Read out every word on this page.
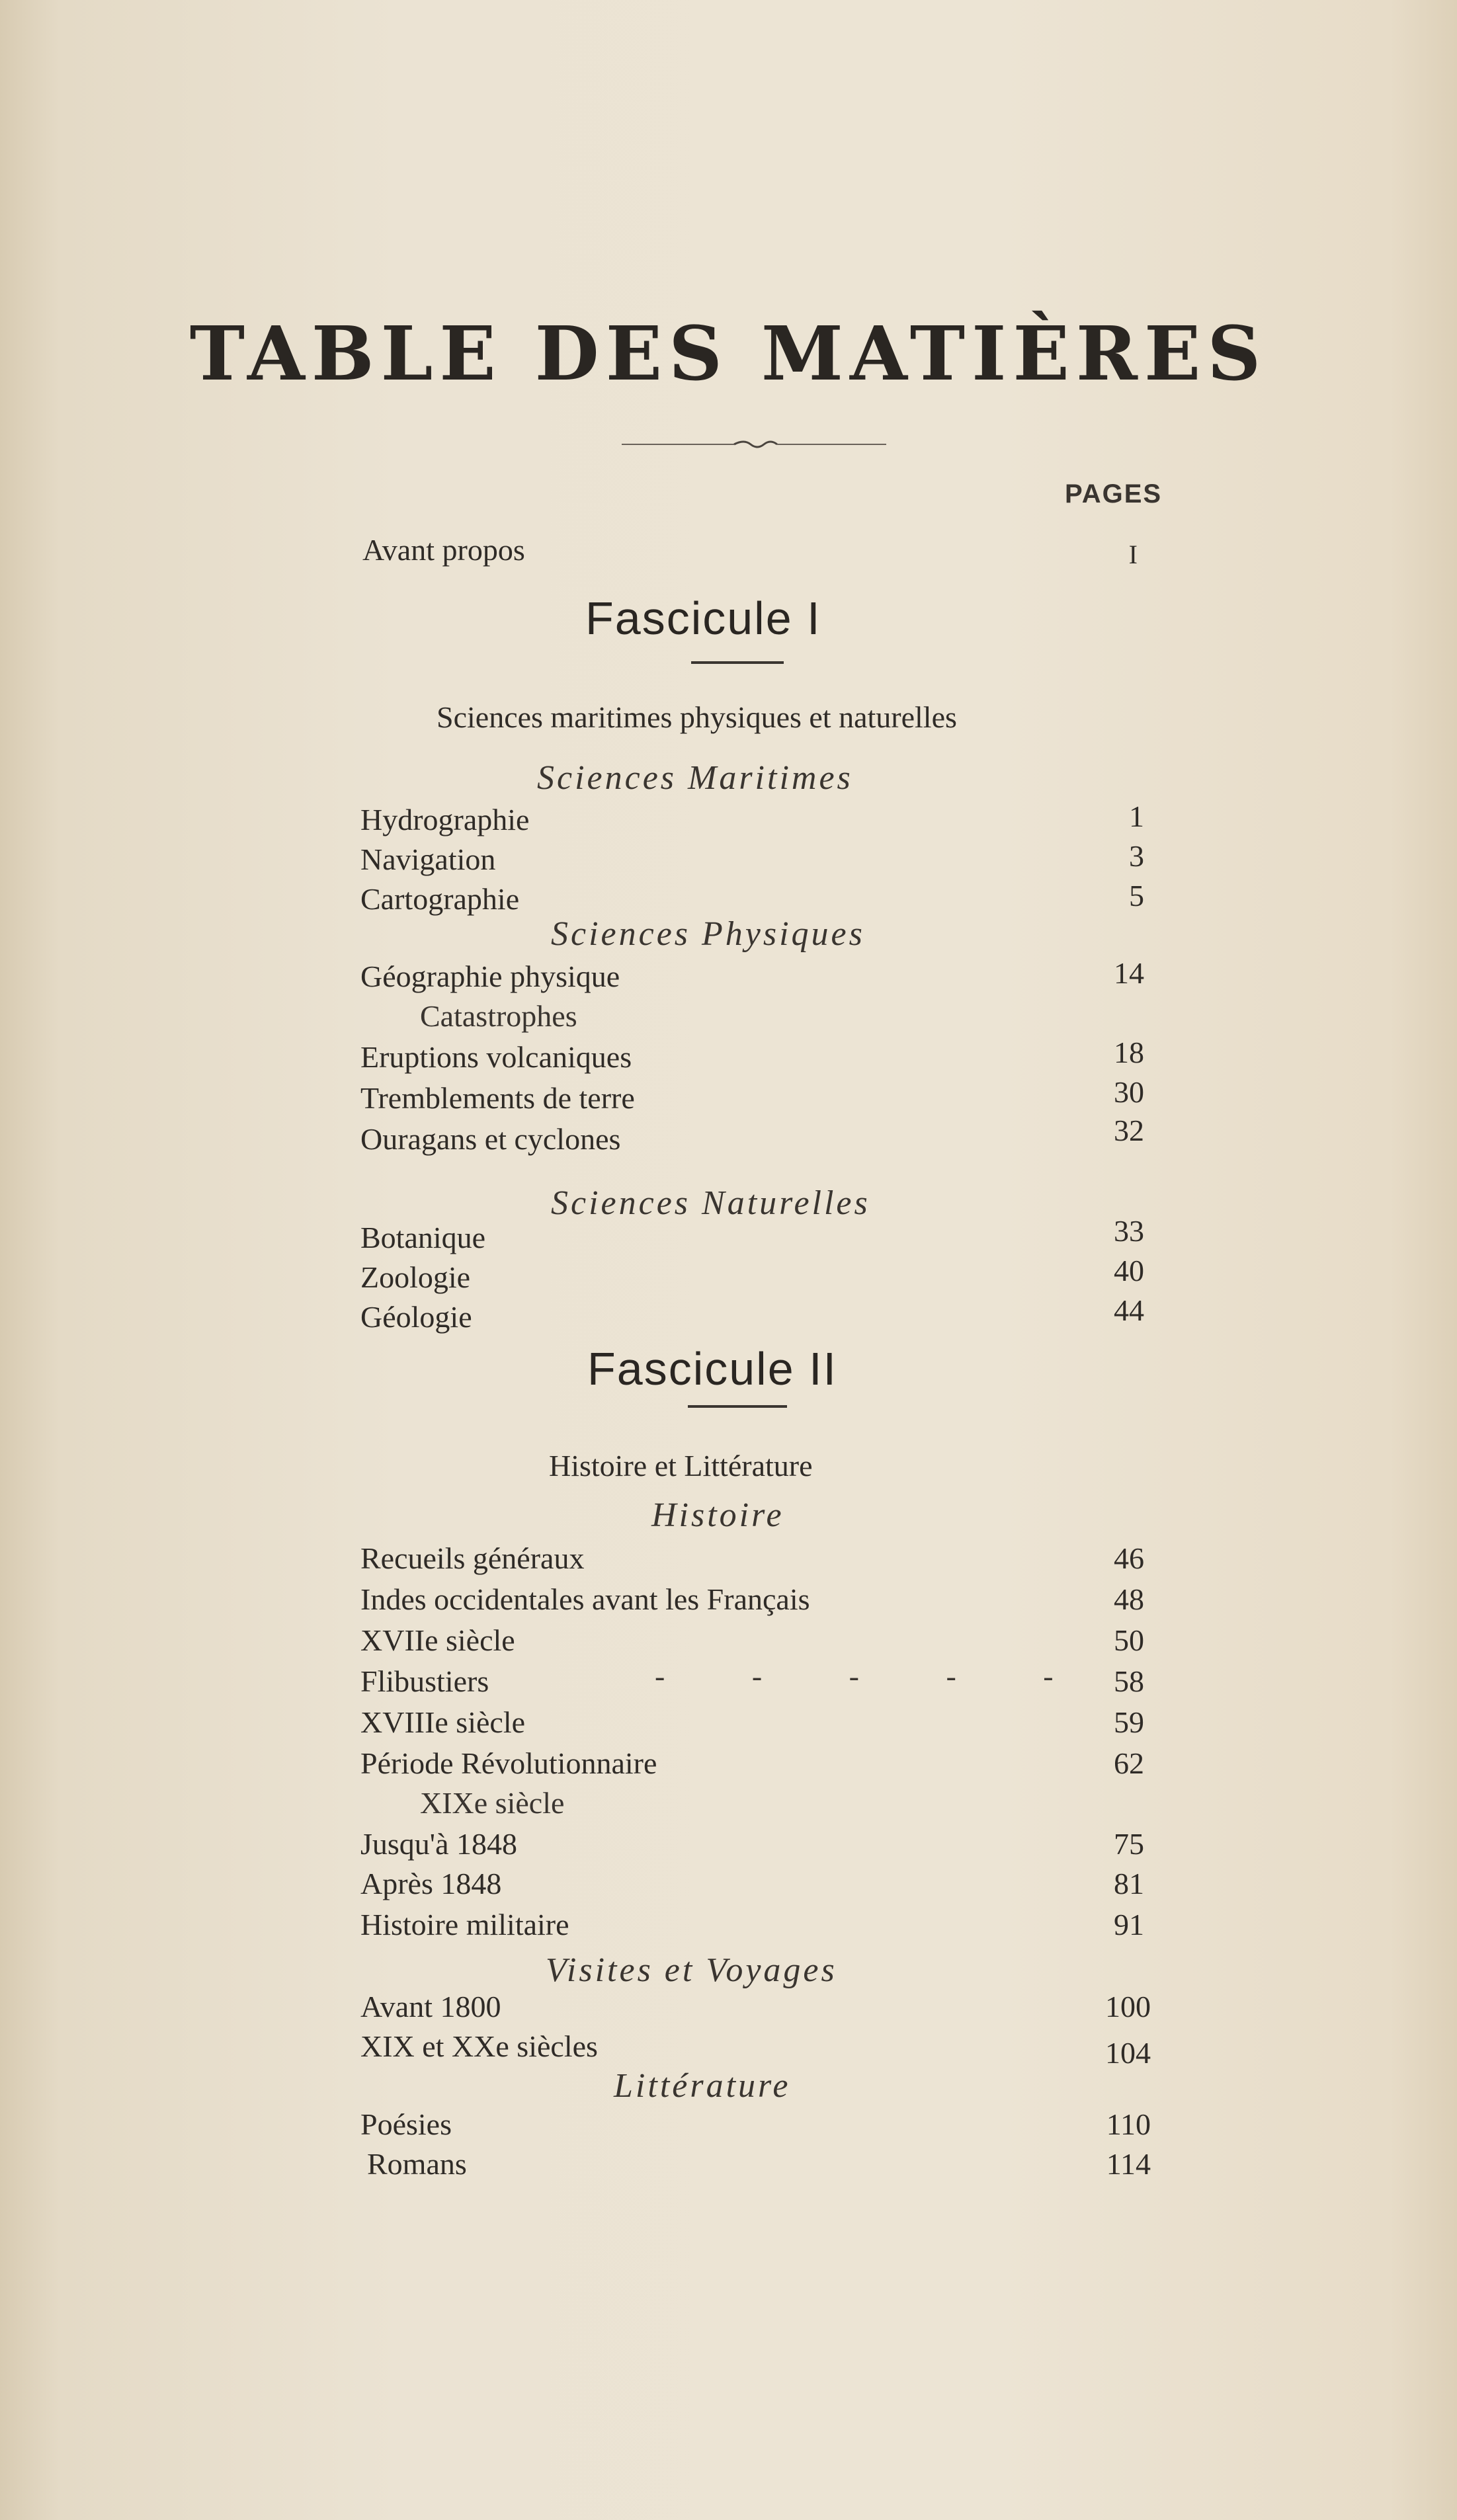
TABLE DES MATIÈRES
PAGES
Avant propos	I
Fascicule I
Sciences maritimes physiques et naturelles
Sciences Maritimes
Hydrographie	1
Navigation	3
Cartographie	5
Sciences Physiques
Géographie physique	14
Catastrophes
Eruptions volcaniques	18
Tremblements de terre	30
Ouragans et cyclones	32
Sciences Naturelles
Botanique	33
Zoologie	40
Géologie	44
Fascicule II
Histoire et Littérature
Histoire
Recueils généraux	46
Indes occidentales avant les Français	48
XVIIe siècle	50
Flibustiers	- - - - - 58
XVIIIe siècle	59
Période Révolutionnaire	62
XIXe siècle
Jusqu'à 1848	75
Après 1848	81
Histoire militaire	91
Visites et Voyages
Avant 1800	100
XIX et XXe siècles	104
Littérature
Poésies	110
Romans	114
